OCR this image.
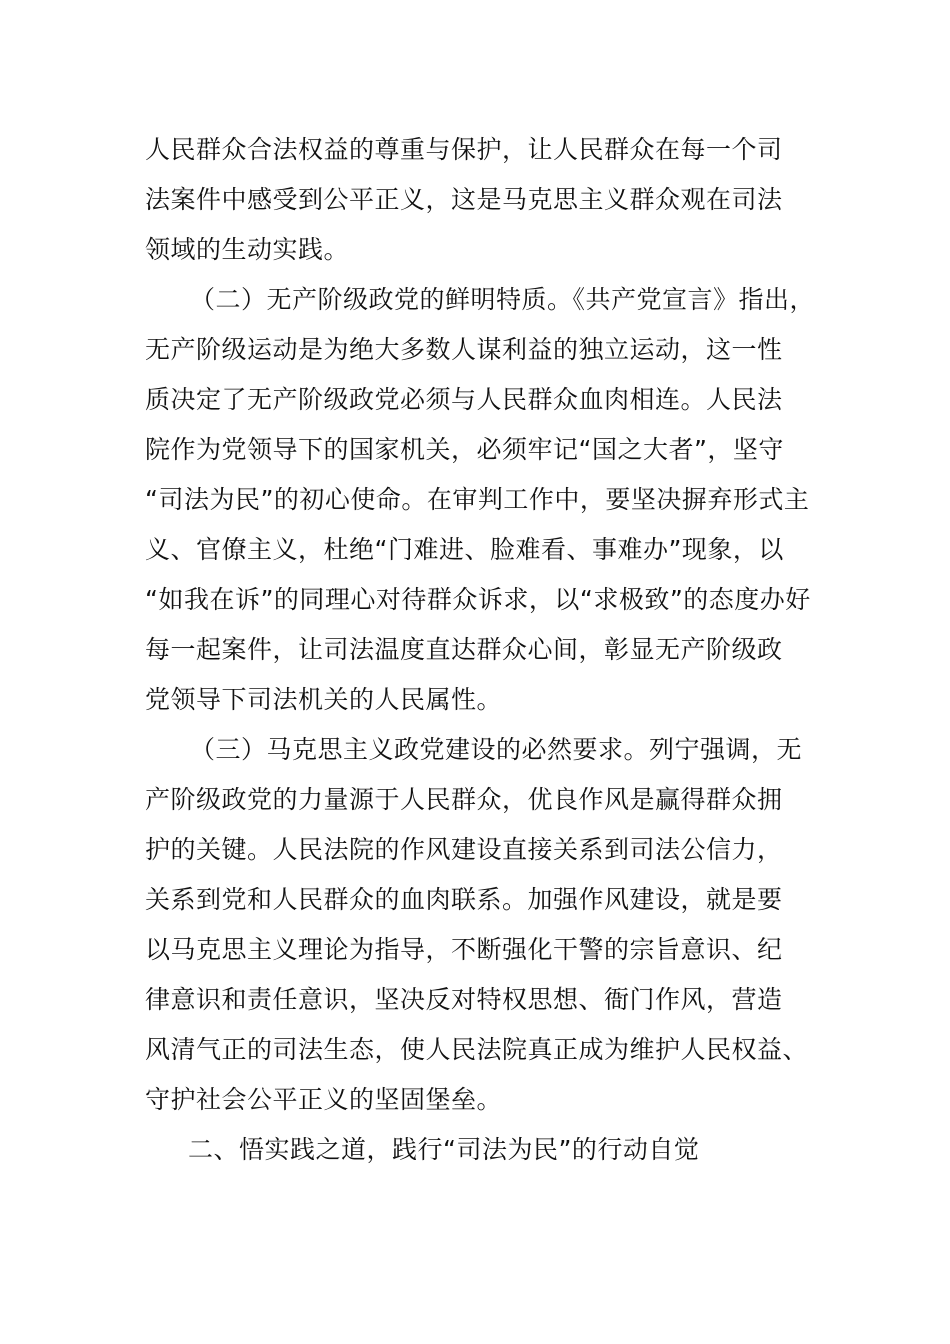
人民群众合法权益的尊重与保护，让人民群众在每一个司
法案件中感受到公平正义，这是马克思主义群众观在司法
领域的生动实践。
（二）无产阶级政党的鲜明特质。《共产党宣言》指出，
无产阶级运动是为绝大多数人谋利益的独立运动，这一性
质决定了无产阶级政党必须与人民群众血肉相连。人民法
院作为党领导下的国家机关，必须牢记“国之大者”，坚守
“司法为民”的初心使命。在审判工作中，要坚决摒弃形式主
义、官僚主义，杜绝“门难进、脸难看、事难办”现象，以
“如我在诉”的同理心对待群众诉求，以“求极致”的态度办好
每一起案件，让司法温度直达群众心间，彰显无产阶级政
党领导下司法机关的人民属性。
（三）马克思主义政党建设的必然要求。列宁强调，无
产阶级政党的力量源于人民群众，优良作风是赢得群众拥
护的关键。人民法院的作风建设直接关系到司法公信力，
关系到党和人民群众的血肉联系。加强作风建设，就是要
以马克思主义理论为指导，不断强化干警的宗旨意识、纪
律意识和责任意识，坚决反对特权思想、衙门作风，营造
风清气正的司法生态，使人民法院真正成为维护人民权益、
守护社会公平正义的坚固堡垒。
二、悟实践之道，践行“司法为民”的行动自觉
